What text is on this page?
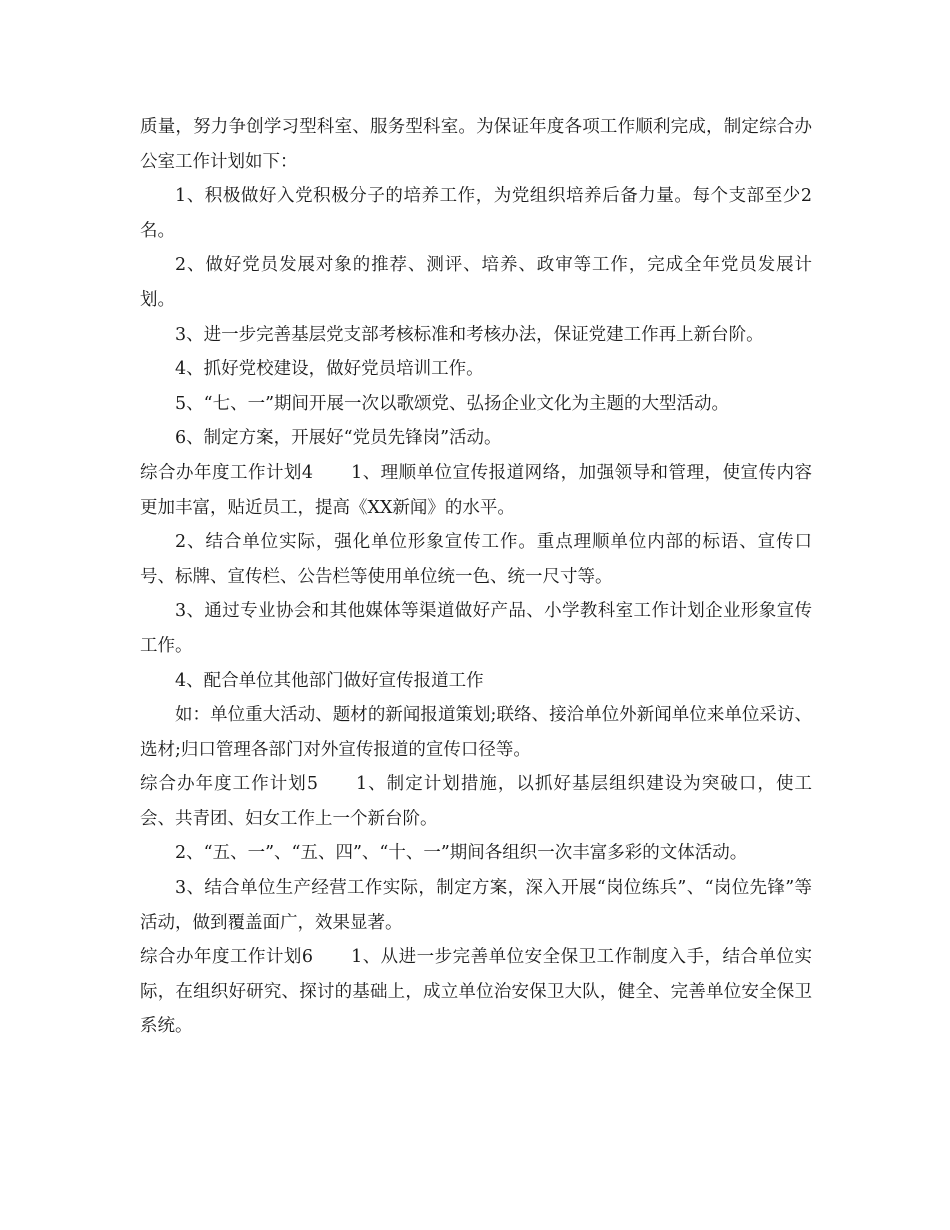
质量，努力争创学习型科室、服务型科室。为保证年度各项工作顺利完成，制定综合办公室工作计划如下：

1、积极做好入党积极分子的培养工作，为党组织培养后备力量。每个支部至少2名。

2、做好党员发展对象的推荐、测评、培养、政审等工作，完成全年党员发展计划。

3、进一步完善基层党支部考核标准和考核办法，保证党建工作再上新台阶。

4、抓好党校建设，做好党员培训工作。

5、“七、一”期间开展一次以歌颂党、弘扬企业文化为主题的大型活动。

6、制定方案，开展好“党员先锋岗”活动。

综合办年度工作计划4 1、理顺单位宣传报道网络，加强领导和管理，使宣传内容更加丰富，贴近员工，提高《XX新闻》的水平。

2、结合单位实际，强化单位形象宣传工作。重点理顺单位内部的标语、宣传口号、标牌、宣传栏、公告栏等使用单位统一色、统一尺寸等。

3、通过专业协会和其他媒体等渠道做好产品、小学教科室工作计划企业形象宣传工作。

4、配合单位其他部门做好宣传报道工作

如：单位重大活动、题材的新闻报道策划;联络、接洽单位外新闻单位来单位采访、选材;归口管理各部门对外宣传报道的宣传口径等。

综合办年度工作计划5 1、制定计划措施，以抓好基层组织建设为突破口，使工会、共青团、妇女工作上一个新台阶。

2、“五、一”、“五、四”、“十、一”期间各组织一次丰富多彩的文体活动。

3、结合单位生产经营工作实际，制定方案，深入开展“岗位练兵”、“岗位先锋”等活动，做到覆盖面广，效果显著。

综合办年度工作计划6 1、从进一步完善单位安全保卫工作制度入手，结合单位实际，在组织好研究、探讨的基础上，成立单位治安保卫大队，健全、完善单位安全保卫系统。
